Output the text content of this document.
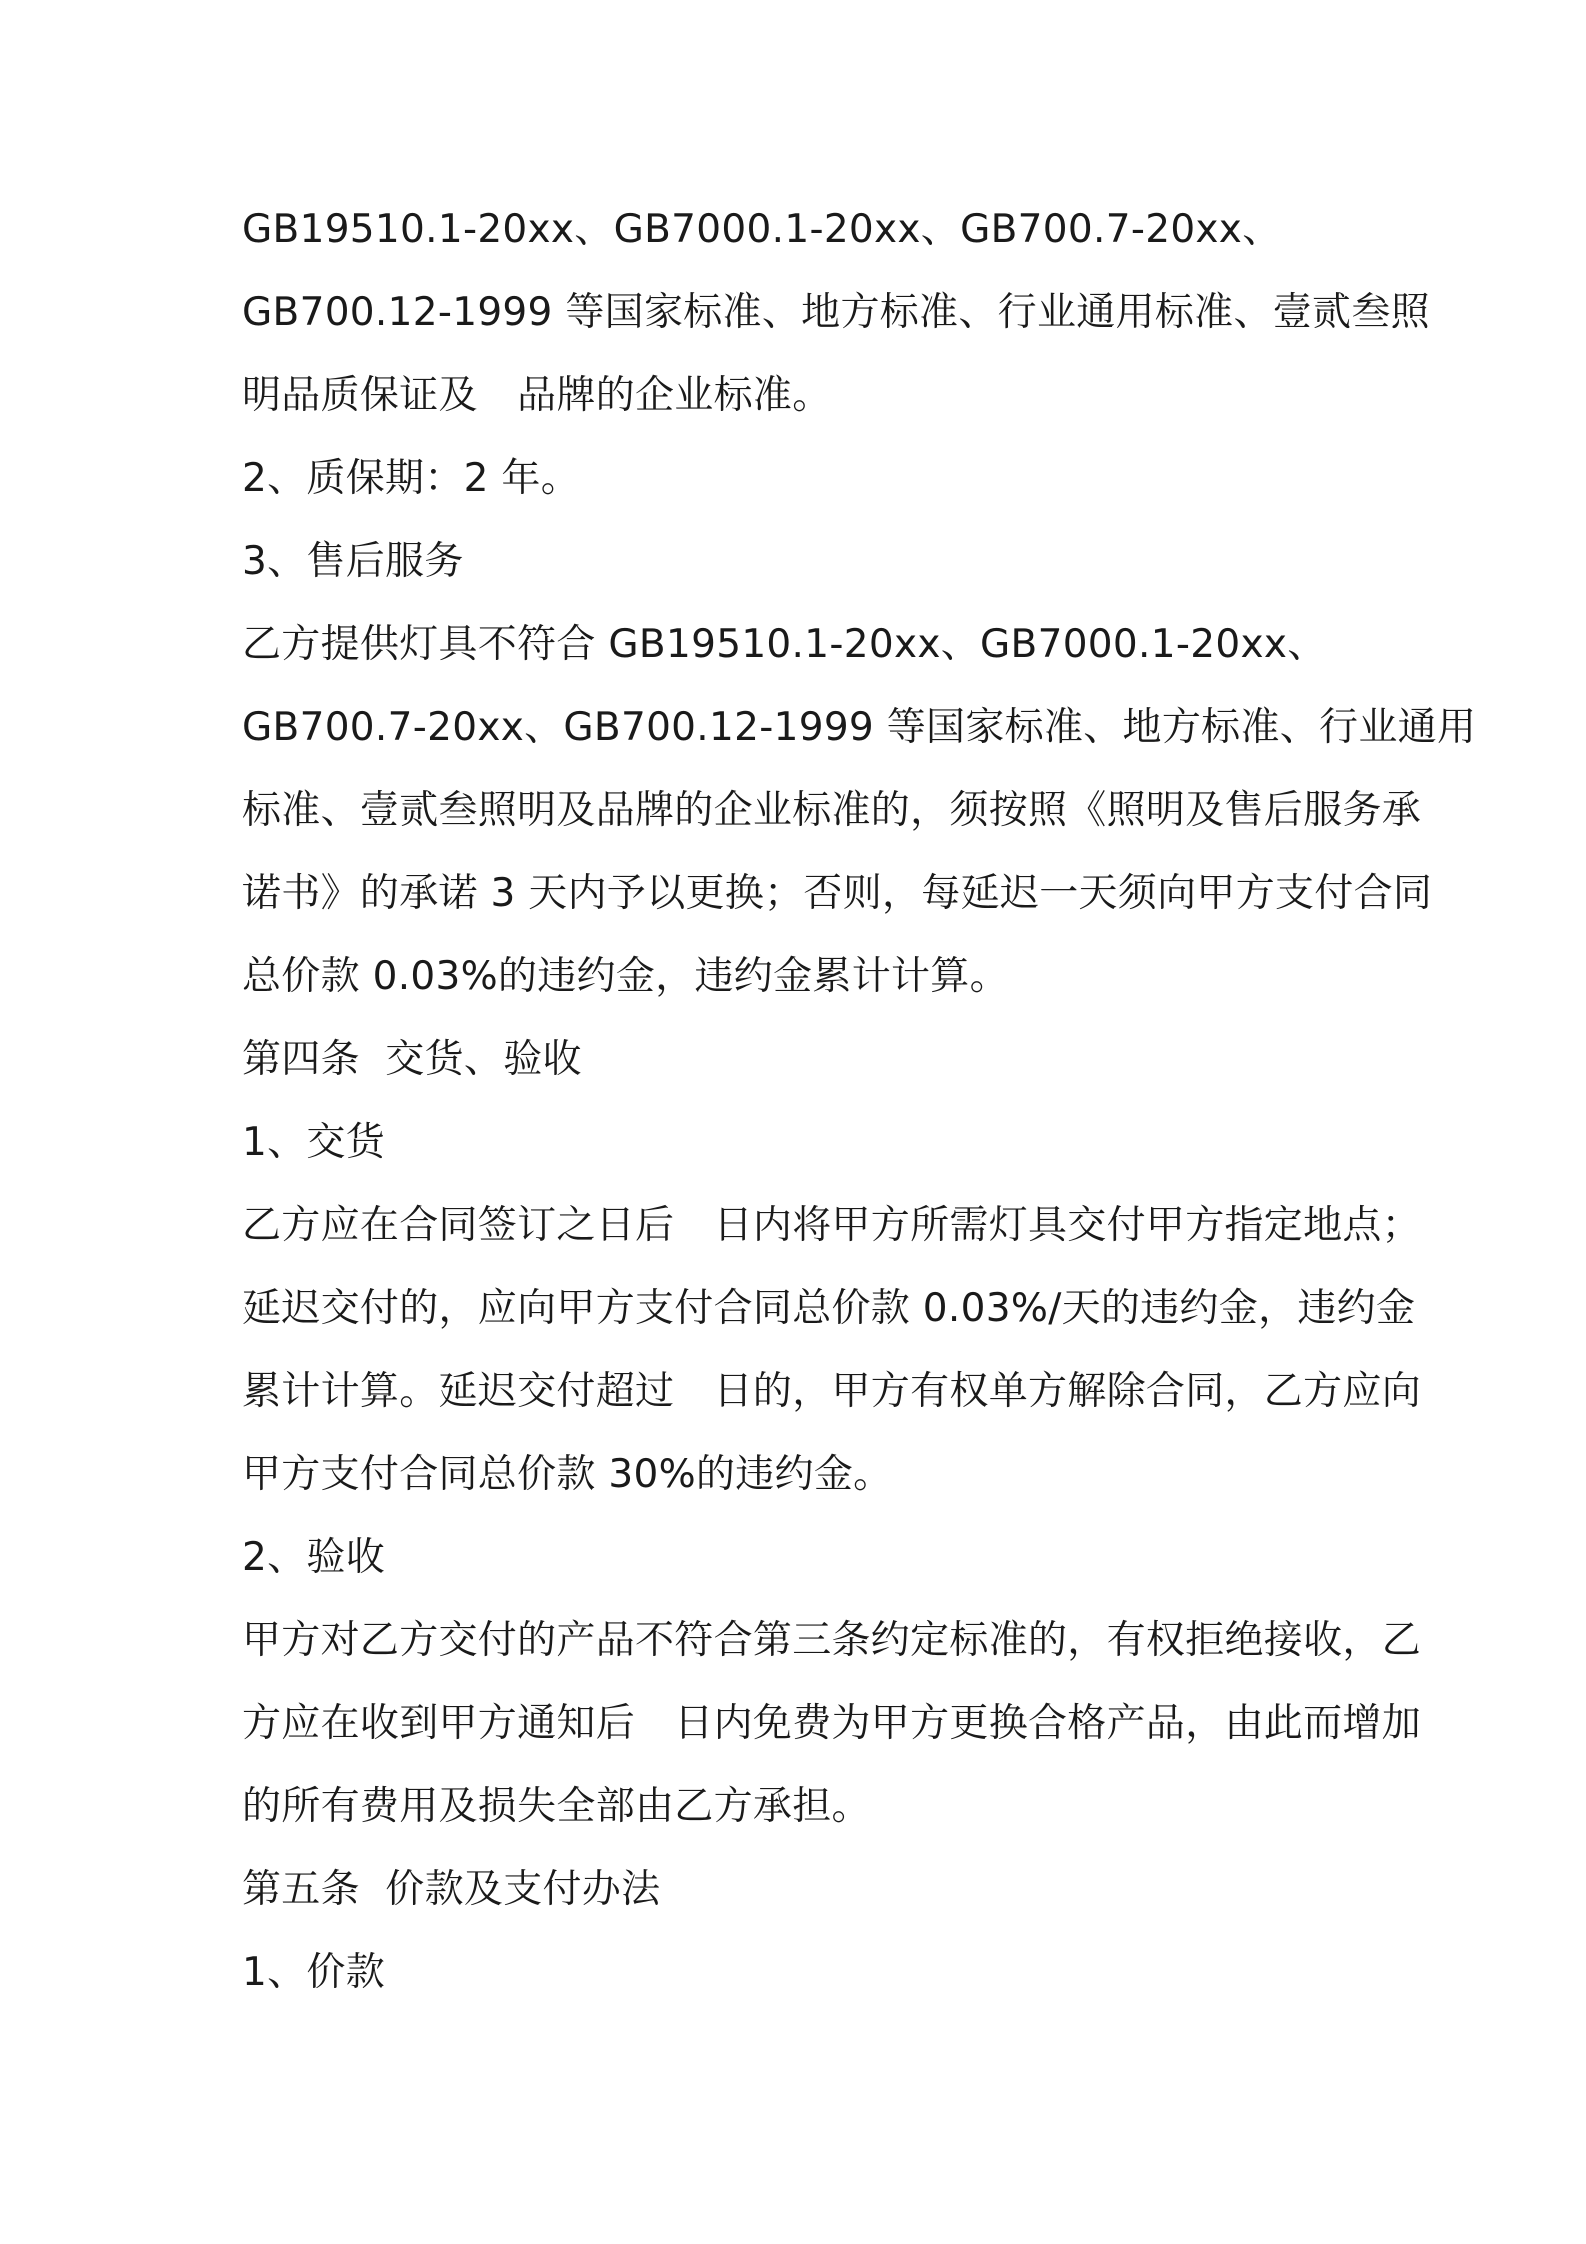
GB19510.1-20xx、GB7000.1-20xx、GB700.7-20xx、
GB700.12-1999 等国家标准、地方标准、行业通用标准、壹贰叁照
明品质保证及　品牌的企业标准。
2、质保期：2 年。
3、售后服务
乙方提供灯具不符合 GB19510.1-20xx、GB7000.1-20xx、
GB700.7-20xx、GB700.12-1999 等国家标准、地方标准、行业通用
标准、壹贰叁照明及品牌的企业标准的，须按照《照明及售后服务承
诺书》的承诺 3 天内予以更换；否则，每延迟一天须向甲方支付合同
总价款 0.03%的违约金，违约金累计计算。
第四条  交货、验收
1、交货
乙方应在合同签订之日后　日内将甲方所需灯具交付甲方指定地点；
延迟交付的，应向甲方支付合同总价款 0.03%/天的违约金，违约金
累计计算。延迟交付超过　日的，甲方有权单方解除合同，乙方应向
甲方支付合同总价款 30%的违约金。
2、验收
甲方对乙方交付的产品不符合第三条约定标准的，有权拒绝接收，乙
方应在收到甲方通知后　日内免费为甲方更换合格产品，由此而增加
的所有费用及损失全部由乙方承担。
第五条  价款及支付办法
1、价款
